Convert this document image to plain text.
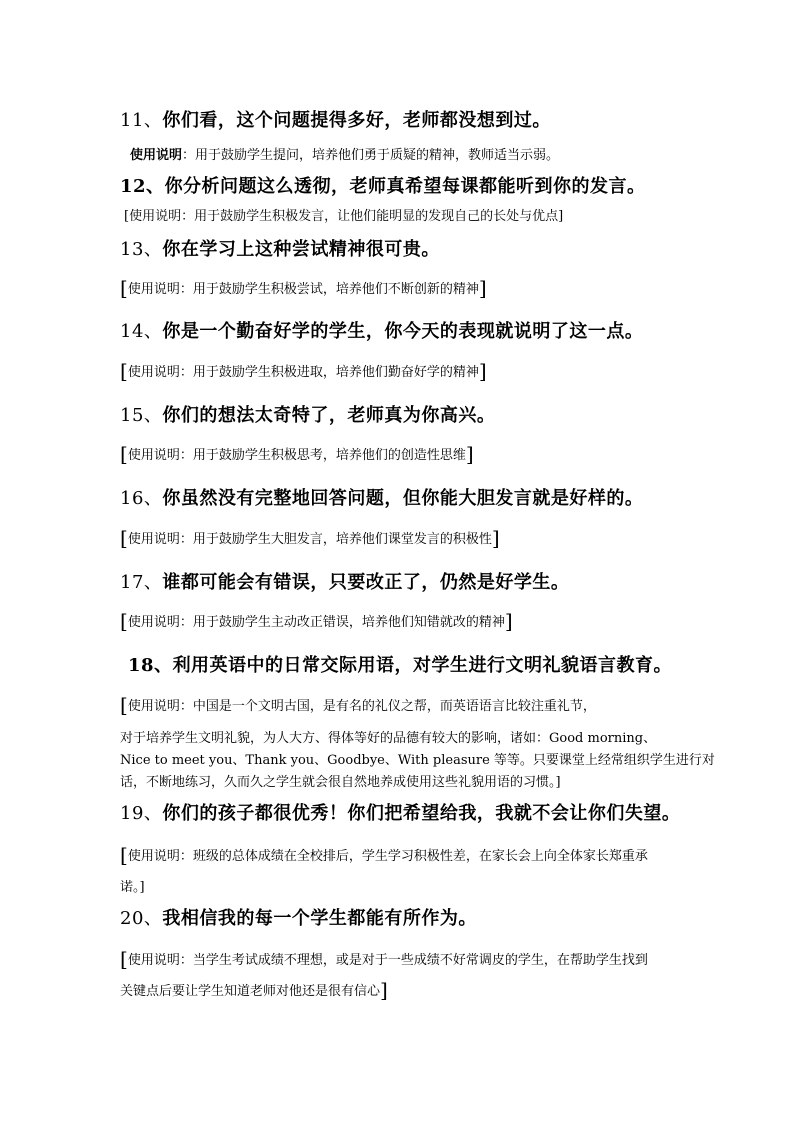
11、你们看，这个问题提得多好，老师都没想到过。
使用说明：用于鼓励学生提问，培养他们勇于质疑的精神，教师适当示弱。
12、你分析问题这么透彻，老师真希望每课都能听到你的发言。
[使用说明：用于鼓励学生积极发言，让他们能明显的发现自己的长处与优点]
13、你在学习上这种尝试精神很可贵。
[使用说明：用于鼓励学生积极尝试，培养他们不断创新的精神]
14、你是一个勤奋好学的学生，你今天的表现就说明了这一点。
[使用说明：用于鼓励学生积极进取，培养他们勤奋好学的精神]
15、你们的想法太奇特了，老师真为你高兴。
[使用说明：用于鼓励学生积极思考，培养他们的创造性思维]
16、你虽然没有完整地回答问题，但你能大胆发言就是好样的。
[使用说明：用于鼓励学生大胆发言，培养他们课堂发言的积极性]
17、谁都可能会有错误，只要改正了，仍然是好学生。
[使用说明：用于鼓励学生主动改正错误，培养他们知错就改的精神]
18、利用英语中的日常交际用语，对学生进行文明礼貌语言教育。
[使用说明：中国是一个文明古国，是有名的礼仪之帮，而英语语言比较注重礼节，
对于培养学生文明礼貌，为人大方、得体等好的品德有较大的影响，诸如：Good morning、
Nice to meet you、Thank you、Goodbye、With pleasure 等等。只要课堂上经常组织学生进行对
话，不断地练习，久而久之学生就会很自然地养成使用这些礼貌用语的习惯。]
19、你们的孩子都很优秀！你们把希望给我，我就不会让你们失望。
[使用说明：班级的总体成绩在全校排后，学生学习积极性差，在家长会上向全体家长郑重承
诺。]
20、我相信我的每一个学生都能有所作为。
[使用说明：当学生考试成绩不理想，或是对于一些成绩不好常调皮的学生，在帮助学生找到
关键点后要让学生知道老师对他还是很有信心]
